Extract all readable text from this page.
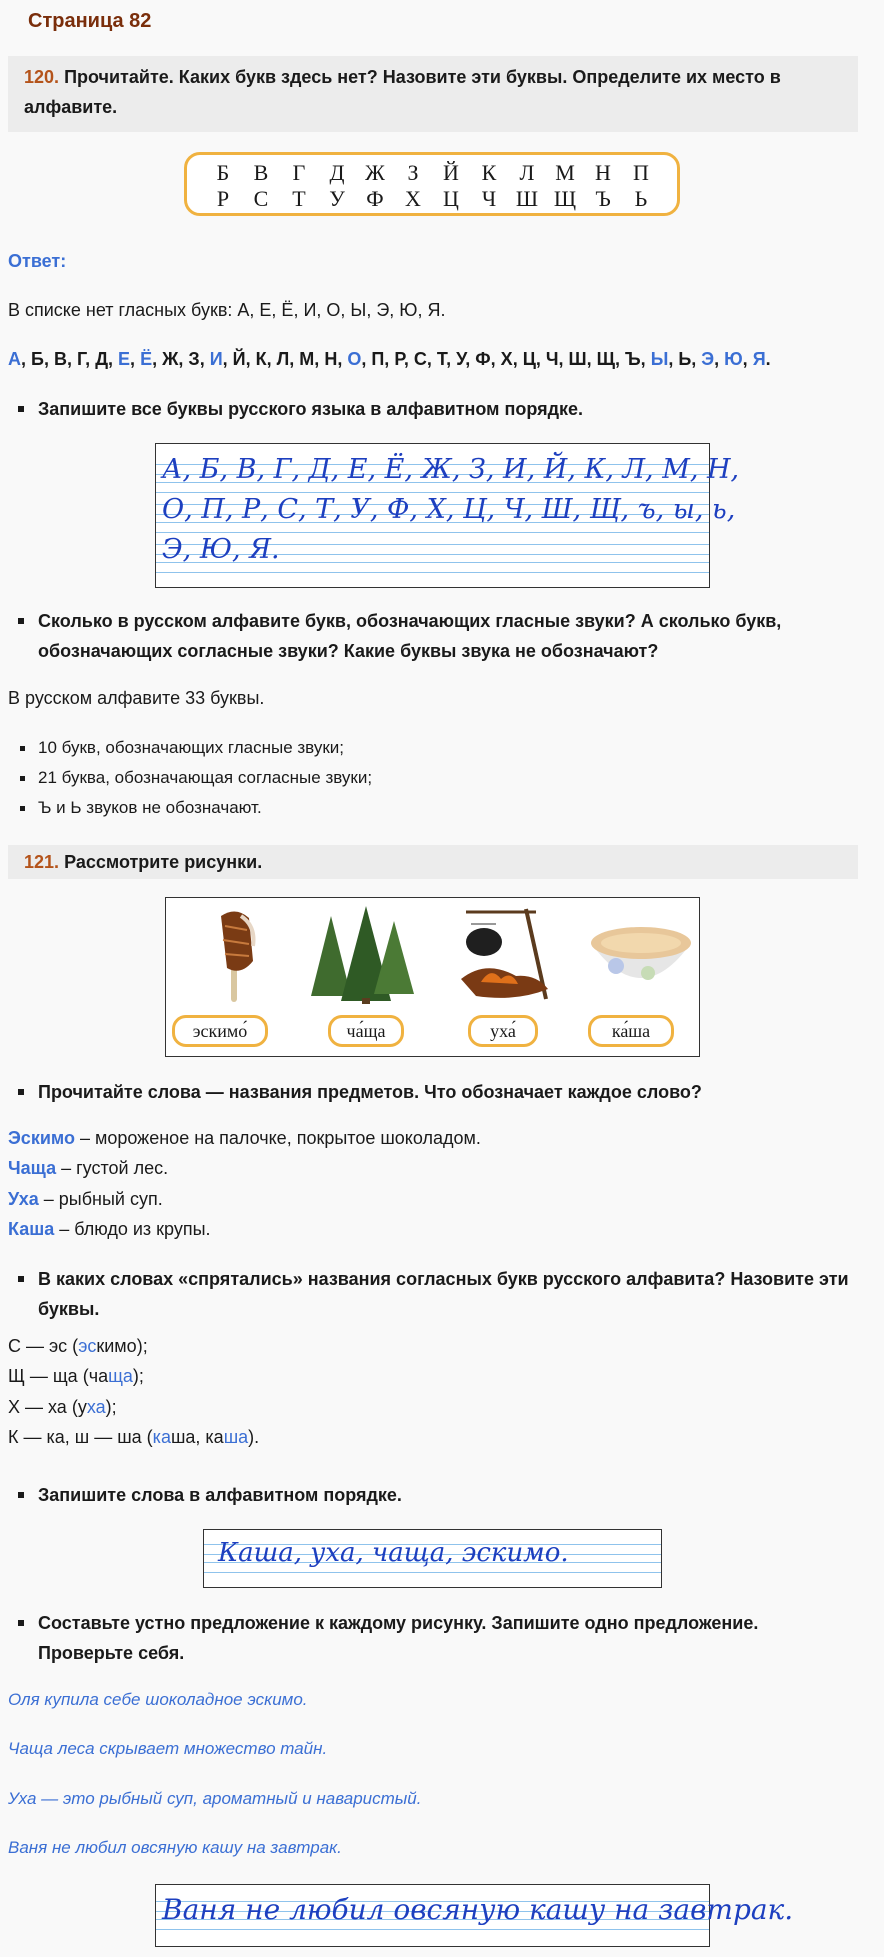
Страница 82
120. Прочитайте. Каких букв здесь нет? Назовите эти буквы. Определите их место в алфавите.
Б	В	Г	Д Ж	З	Й	К	Л М Н	П
Р	С	Т	У Ф Х	Ц	Ч Ш Щ Ъ	Ь
Ответ:
В списке нет гласных букв: А, Е, Ё, И, О, Ы, Э, Ю, Я.
А, Б, В, Г, Д, Е, Ё, Ж, З, И, Й, К, Л, М, Н, О, П, Р, С, Т, У, Ф, Х, Ц, Ч, Ш, Щ, Ъ, Ы, Ь, Э, Ю, Я.
Запишите все буквы русского языка в алфавитном порядке.
А, Б, В, Г, Д, Е, Ё, Ж, З, И, Й, К, Л, М, Н,
О, П, Р, С, Т, У, Ф, Х, Ц, Ч, Ш, Щ, ъ, ы, ь,
Э, Ю, Я.
Сколько в русском алфавите букв, обозначающих гласные звуки? А сколько букв, обозначающих согласные звуки? Какие буквы звука не обозначают?
В русском алфавите 33 буквы.
10 букв, обозначающих гласные звуки;
21 буква, обозначающая согласные звуки;
Ъ и Ь звуков не обозначают.
121. Рассмотрите рисунки.
эскимо́	ча́ща	уха́	ка́ша
Прочитайте слова — названия предметов. Что обозначает каждое слово?
Эскимо – мороженое на палочке, покрытое шоколадом.
Чаща – густой лес.
Уха – рыбный суп.
Каша – блюдо из крупы.
В каких словах «спрятались» названия согласных букв русского алфавита? Назовите эти буквы.
С — эс (эскимо);
Щ — ща (чаща);
Х — ха (уха);
К — ка, ш — ша (каша, каша).
Запишите слова в алфавитном порядке.
Каша, уха, чаща, эскимо.
Составьте устно предложение к каждому рисунку. Запишите одно предложение. Проверьте себя.
Оля купила себе шоколадное эскимо.
Чаща леса скрывает множество тайн.
Уха — это рыбный суп, ароматный и наваристый.
Ваня не любил овсяную кашу на завтрак.
Ваня не любил овсяную кашу на завтрак.
